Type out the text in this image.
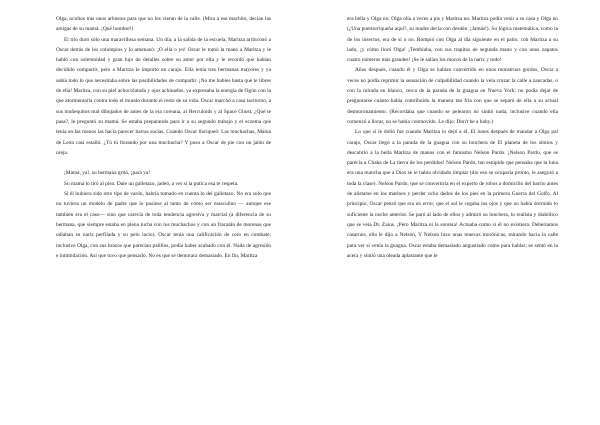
Olga, ocultos tras unos arbustos para que no los vieran de la calle. (Mira a ese machito, decían las amigas de su mamá. ¡Qué hombre!)

El trío duró sólo una maravillosa semana. Un día, a la salida de la escuela, Maritza arrinconó a Oscar detrás de los columpios y lo amenazó: ¡O ella o yo! Oscar le tomó la mano a Maritza y le habló con solemnidad y gran lujo de detalles sobre su amor por ella y le recordó que habían decidido compartir, pero a Maritza le importó un carajo. Ella tenía tres hermanas mayores y ya sabía todo lo que necesitaba sobre las posibilidades de compartir. ¡No me hables hasta que te libres de ella! Maritza, con su piel achocolatada y ojos achinados, ya expresaba la energía de Ogún con la que atormentaría contra todo el mundo durante el resto de su vida. Oscar marchó a casa taciturno, a sus muñequitos mal dibujados de antes de la era coreana, al Herculoids y al Space Ghost. ¿Qué te pasa?, le preguntó su mamá. Se estaba preparando para ir a su segundo trabajo y el eczema que tenía en las manos las hacía parecer barras sucias. Cuando Oscar lloriqueó: Las muchachas, Mamá de León casi estalló. ¿Tú tú llorando por una muchacha? Y puso a Oscar de pie con un jalón de oreja.

¡Mamá, ya!, su hermana gritó, ¡para ya!

Su mamá lo tiró al piso. Dale un galletazo, jadeó, a ver si la putica esa te respeta.

Si él hubiera sido otro tipo de varón, habría tomado en cuenta lo del galletazo. No era solo que no tuviera un modelo de padre que lo pusiese al tanto de cómo ser masculino — aunque ese también era el caso— sino que carecía de toda tendencia agresiva y marcial (a diferencia de su hermana, que siempre estaba en plena lucha con los muchachos y con un fracatán de morenas que odiaban su nariz perfilada y su pelo lacio). Oscar tenía una calificación de cero en combate; inclusive Olga, con sus brazos que parecían palillos, podía haber acabado con él. Nada de agresión e intimidación. Así que tuvo que pensarlo. No es que se demorara demasiado. En fin, Maritza

era bella y Olga no; Olga olía a veces a pis y Maritza no. Maritza podía venir a su casa y Olga no (¿Una puertorriqueña aquí?, su madre decía con desdén. ¡Jamás!). Su lógica matemática, como la de los insectos, era de sí o no. Rompió con Olga al día siguiente en el patio, con Maritza a su lado, ¡y cómo lloró Olga! ¡Temblaba, con sus trapitos de segunda mano y con unos zapatos cuatro números más grandes! ¡Se le salían los mocos de la nariz y todo!

Años después, cuando él y Olga se habían convertido en unos monstruos gordos, Oscar a veces no podía reprimir la sensación de culpabilidad cuando la veía cruzar la calle a zancadas, o con la mirada en blanco, cerca de la parada de la guagua en Nueva York; no podía dejar de preguntarse cuánto había contribuido la manera tan fría con que se separó de ella a su actual desmoronamiento. (Recordaba que cuando se pelearon no sintió nada; inclusive cuando ella comenzó a llorar, no se había conmovido. Le dijo: Don't be a baby.)

Lo que sí le dolió fue cuando Maritza lo dejó a él. El lunes después de mandar a Olga pal carajo, Oscar llegó a la parada de la guagua con su lonchera de El planeta de los simios y descubrió a la bella Maritza de manos con el fatuismo Nelson Pardo. ¡Nelson Pardo, que se parecía a Chaka de La tierra de los perdidos! Nelson Pardo, tan estúpido que pensaba que la luna era una mancha que a Dios se le había olvidado limpiar (dio eso se ocuparía pronto, le aseguró a toda la clase). Nelson Pardo, que se convertiría en el experto de robos a domicilio del barrio antes de alistarse en los marines y perder ocho dedos de los pies en la primera Guerra del Golfo. Al principio, Oscar pensó que era un error, que el sol le cegaba los ojos y que no había dormido lo suficiente la noche anterior. Se paró al lado de ellos y admiró su lonchera, lo realista y diabólico que se veía Dr. Zaius. ¡Pero Maritza ni la sonreía! Actuaba como si él no existiera. Deberíamos casarnos, ella le dijo a Nelson, Y Nelson hizo unas muecas morónicas, mirando hacia la calle para ver si venía la guagua. Oscar estaba demasiado angustiado como para hablar; se sentó en la acera y sintió una oleada aplastante que le
